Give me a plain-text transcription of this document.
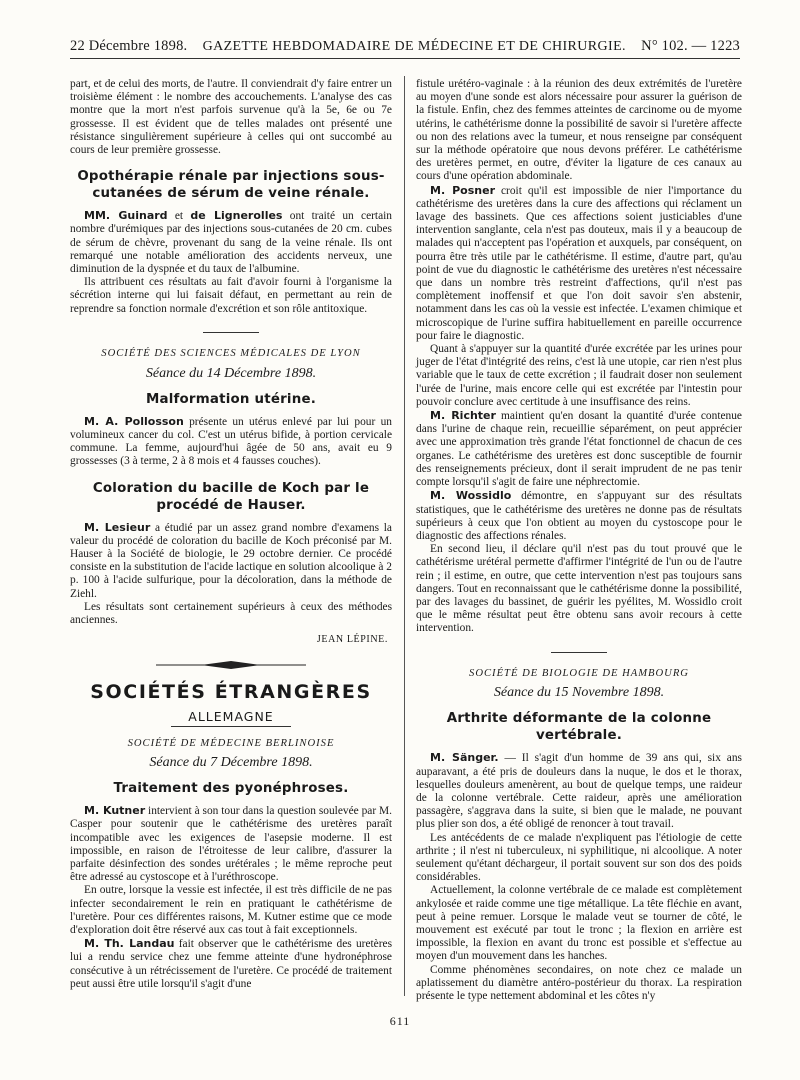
22 Décembre 1898. GAZETTE HEBDOMADAIRE DE MÉDECINE ET DE CHIRURGIE. N° 102. — 1223

part, et de celui des morts, de l'autre. Il conviendrait d'y faire entrer un troisième élément : le nombre des accouchements. L'analyse des cas montre que la mort n'est parfois survenue qu'à la 5e, 6e ou 7e grossesse. Il est évident que de telles malades ont présenté une résistance singulièrement supérieure à celles qui ont succombé au cours de leur première grossesse.

Opothérapie rénale par injections sous-cutanées de sérum de veine rénale.

MM. Guinard et de Lignerolles ont traité un certain nombre d'urémiques par des injections sous-cutanées de 20 cm. cubes de sérum de chèvre, provenant du sang de la veine rénale. Ils ont remarqué une notable amélioration des accidents nerveux, une diminution de la dyspnée et du taux de l'albumine.

Ils attribuent ces résultats au fait d'avoir fourni à l'organisme la sécrétion interne qui lui faisait défaut, en permettant au rein de reprendre sa fonction normale d'excrétion et son rôle antitoxique.

SOCIÉTÉ DES SCIENCES MÉDICALES DE LYON
Séance du 14 Décembre 1898.
Malformation utérine.

M. A. Pollosson présente un utérus enlevé par lui pour un volumineux cancer du col. C'est un utérus bifide, à portion cervicale commune. La femme, aujourd'hui âgée de 50 ans, avait eu 9 grossesses (3 à terme, 2 à 8 mois et 4 fausses couches).

Coloration du bacille de Koch par le procédé de Hauser.

M. Lesieur a étudié par un assez grand nombre d'examens la valeur du procédé de coloration du bacille de Koch préconisé par M. Hauser à la Société de biologie, le 29 octobre dernier. Ce procédé consiste en la substitution de l'acide lactique en solution alcoolique à 2 p. 100 à l'acide sulfurique, pour la décoloration, dans la méthode de Ziehl.

Les résultats sont certainement supérieurs à ceux des méthodes anciennes.

JEAN LÉPINE.
SOCIÉTÉS ÉTRANGÈRES
ALLEMAGNE
SOCIÉTÉ DE MÉDECINE BERLINOISE
Séance du 7 Décembre 1898.
Traitement des pyonéphroses.

M. Kutner intervient à son tour dans la question soulevée par M. Casper pour soutenir que le cathétérisme des uretères paraît incompatible avec les exigences de l'asepsie moderne. Il est impossible, en raison de l'étroitesse de leur calibre, d'assurer la parfaite désinfection des sondes urétérales ; le même reproche peut être adressé au cystoscope et à l'uréthroscope.

En outre, lorsque la vessie est infectée, il est très difficile de ne pas infecter secondairement le rein en pratiquant le cathétérisme de l'uretère. Pour ces différentes raisons, M. Kutner estime que ce mode d'exploration doit être réservé aux cas tout à fait exceptionnels.

M. Th. Landau fait observer que le cathétérisme des uretères lui a rendu service chez une femme atteinte d'une hydronéphrose consécutive à un rétrécissement de l'uretère. Ce procédé de traitement peut aussi être utile lorsqu'il s'agit d'une

fistule urétéro-vaginale : à la réunion des deux extrémités de l'uretère au moyen d'une sonde est alors nécessaire pour assurer la guérison de la fistule. Enfin, chez des femmes atteintes de carcinome ou de myome utérins, le cathétérisme donne la possibilité de savoir si l'uretère affecte ou non des relations avec la tumeur, et nous renseigne par conséquent sur la méthode opératoire que nous devons préférer. Le cathétérisme des uretères permet, en outre, d'éviter la ligature de ces canaux au cours d'une opération abdominale.

M. Posner croit qu'il est impossible de nier l'importance du cathétérisme des uretères dans la cure des affections qui réclament un lavage des bassinets. Que ces affections soient justiciables d'une intervention sanglante, cela n'est pas douteux, mais il y a beaucoup de malades qui n'acceptent pas l'opération et auxquels, par conséquent, on pourra être très utile par le cathétérisme. Il estime, d'autre part, qu'au point de vue du diagnostic le cathétérisme des uretères n'est nécessaire que dans un nombre très restreint d'affections, qu'il n'est pas complètement inoffensif et que l'on doit savoir s'en abstenir, notamment dans les cas où la vessie est infectée. L'examen chimique et microscopique de l'urine suffira habituellement en pareille occurrence pour faire le diagnostic.

Quant à s'appuyer sur la quantité d'urée excrétée par les urines pour juger de l'état d'intégrité des reins, c'est là une utopie, car rien n'est plus variable que le taux de cette excrétion ; il faudrait doser non seulement l'urée de l'urine, mais encore celle qui est excrétée par l'intestin pour pouvoir conclure avec certitude à une insuffisance des reins.

M. Richter maintient qu'en dosant la quantité d'urée contenue dans l'urine de chaque rein, recueillie séparément, on peut apprécier avec une approximation très grande l'état fonctionnel de chacun de ces organes. Le cathétérisme des uretères est donc susceptible de fournir des renseignements précieux, dont il serait imprudent de ne pas tenir compte lorsqu'il s'agit de faire une néphrectomie.

M. Wossidlo démontre, en s'appuyant sur des résultats statistiques, que le cathétérisme des uretères ne donne pas de résultats supérieurs à ceux que l'on obtient au moyen du cystoscope pour le diagnostic des affections rénales.

En second lieu, il déclare qu'il n'est pas du tout prouvé que le cathétérisme urétéral permette d'affirmer l'intégrité de l'un ou de l'autre rein ; il estime, en outre, que cette intervention n'est pas toujours sans dangers. Tout en reconnaissant que le cathétérisme donne la possibilité, par des lavages du bassinet, de guérir les pyélites, M. Wossidlo croit que le même résultat peut être obtenu sans avoir recours à cette intervention.

SOCIÉTÉ DE BIOLOGIE DE HAMBOURG
Séance du 15 Novembre 1898.
Arthrite déformante de la colonne vertébrale.

M. Sänger. — Il s'agit d'un homme de 39 ans qui, six ans auparavant, a été pris de douleurs dans la nuque, le dos et le thorax, lesquelles douleurs amenèrent, au bout de quelque temps, une raideur de la colonne vertébrale. Cette raideur, après une amélioration passagère, s'aggrava dans la suite, si bien que le malade, ne pouvant plus plier son dos, a été obligé de renoncer à tout travail.

Les antécédents de ce malade n'expliquent pas l'étiologie de cette arthrite ; il n'est ni tuberculeux, ni syphilitique, ni alcoolique. A noter seulement qu'étant déchargeur, il portait souvent sur son dos des poids considérables.

Actuellement, la colonne vertébrale de ce malade est complètement ankylosée et raide comme une tige métallique. La tête fléchie en avant, peut à peine remuer. Lorsque le malade veut se tourner de côté, le mouvement est exécuté par tout le tronc ; la flexion en arrière est impossible, la flexion en avant du tronc est possible et s'effectue au moyen d'un mouvement dans les hanches.

Comme phénomènes secondaires, on note chez ce malade un aplatissement du diamètre antéro-postérieur du thorax. La respiration présente le type nettement abdominal et les côtes n'y

611
